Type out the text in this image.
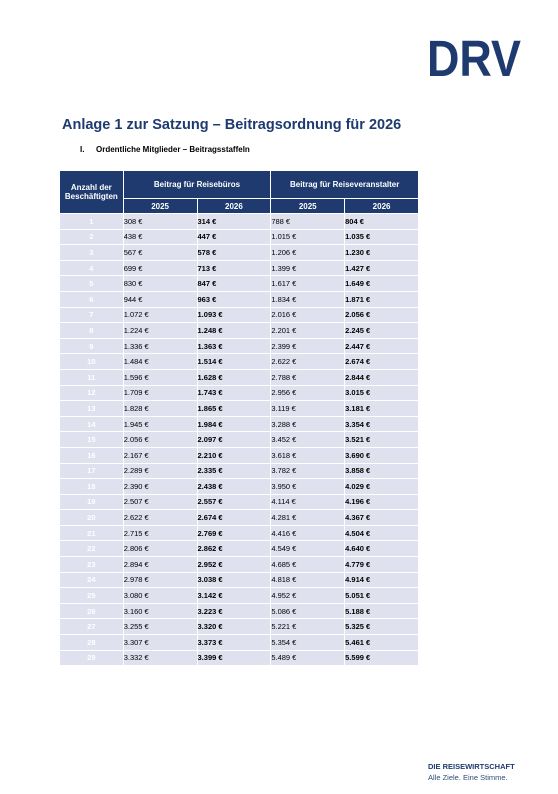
DRV
Anlage 1 zur Satzung – Beitragsordnung für 2026
I. Ordentliche Mitglieder – Beitragsstaffeln
Anzahl der Beschäftigten	Beitrag für Reisebüros		Beitrag für Reiseveranstalter	
	2025	2026	2025	2026
1	308 €	314 €	788 €	804 €
2	438 €	447 €	1.015 €	1.035 €
3	567 €	578 €	1.206 €	1.230 €
4	699 €	713 €	1.399 €	1.427 €
5	830 €	847 €	1.617 €	1.649 €
6	944 €	963 €	1.834 €	1.871 €
7	1.072 €	1.093 €	2.016 €	2.056 €
8	1.224 €	1.248 €	2.201 €	2.245 €
9	1.336 €	1.363 €	2.399 €	2.447 €
10	1.484 €	1.514 €	2.622 €	2.674 €
11	1.596 €	1.628 €	2.788 €	2.844 €
12	1.709 €	1.743 €	2.956 €	3.015 €
13	1.828 €	1.865 €	3.119 €	3.181 €
14	1.945 €	1.984 €	3.288 €	3.354 €
15	2.056 €	2.097 €	3.452 €	3.521 €
16	2.167 €	2.210 €	3.618 €	3.690 €
17	2.289 €	2.335 €	3.782 €	3.858 €
18	2.390 €	2.438 €	3.950 €	4.029 €
19	2.507 €	2.557 €	4.114 €	4.196 €
20	2.622 €	2.674 €	4.281 €	4.367 €
21	2.715 €	2.769 €	4.416 €	4.504 €
22	2.806 €	2.862 €	4.549 €	4.640 €
23	2.894 €	2.952 €	4.685 €	4.779 €
24	2.978 €	3.038 €	4.818 €	4.914 €
25	3.080 €	3.142 €	4.952 €	5.051 €
26	3.160 €	3.223 €	5.086 €	5.188 €
27	3.255 €	3.320 €	5.221 €	5.325 €
28	3.307 €	3.373 €	5.354 €	5.461 €
29	3.332 €	3.399 €	5.489 €	5.599 €
DIE REISEWIRTSCHAFT
Alle Ziele. Eine Stimme.
